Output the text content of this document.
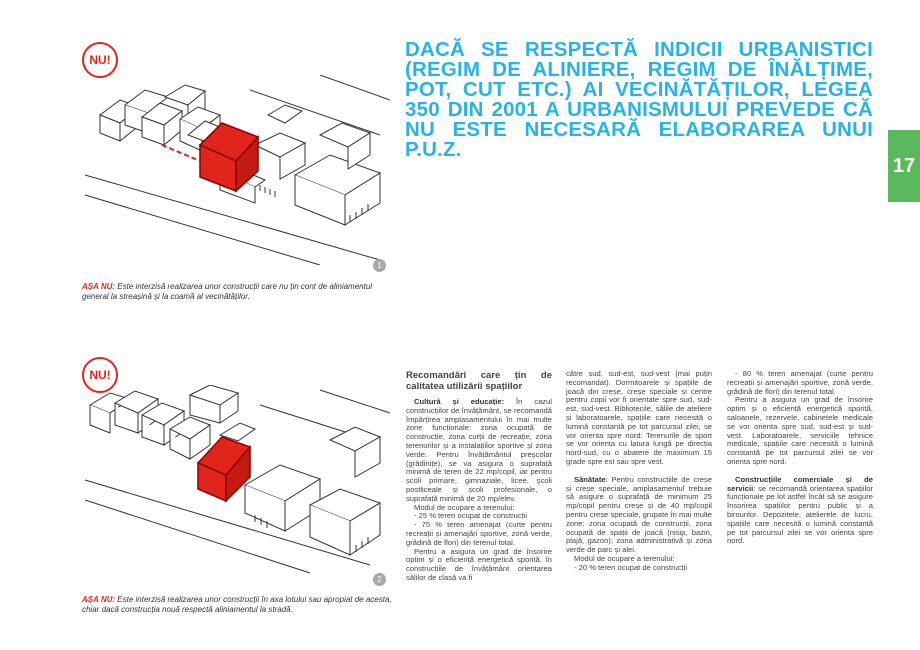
NU!
1
AȘA NU: Este interzisă realizarea unor construcții care nu țin cont de aliniamentul general la streașină și la coamă al vecinătăților.
DACĂ SE RESPECTĂ INDICII URBANISTICI (REGIM DE ALINIERE, REGIM DE ÎNĂLȚIME, POT, CUT ETC.) AI VECINĂTĂȚILOR, LEGEA 350 DIN 2001 A URBANISMULUI PREVEDE CĂ NU ESTE NECESARĂ ELABORAREA UNUI P.U.Z.
17
NU!
2
AȘA NU: Este interzisă realizarea unor construcții în axa lotului sau apropiat de acesta, chiar dacă construcția nouă respectă aliniamentul la stradă.
Recomandări care țin de calitatea utilizării spațiilor

Cultură și educație: În cazul construcțiilor de învățământ, se recomandă împărțirea amplasamentului în mai multe zone funcționale: zona ocupată de construcție, zona curții de recreație, zona terenurilor și a instalațiilor sportive și zona verde. Pentru învățământul preșcolar (grădinițe), se va asigura o suprafață minimă de teren de 22 mp/copil, iar pentru școli primare, gimnaziale, licee, școli postliceale și școli profesionale, o suprafață minimă de 20 mp/elev.

Modul de ocupare a terenului:

- 25 % teren ocupat de construcții

- 75 % teren amenajat (curte pentru recreații și amenajări sportive, zonă verde, grădină de flori) din terenul total.

Pentru a asigura un grad de însorire optim și o eficiență energetică sporită, în construcțiile de învățământ orientarea sălilor de clasă va fi

către sud, sud-est, sud-vest (mai puțin recomandat). Dormitoarele și spațiile de joacă din creșe, creșe speciale și centre pentru copii vor fi orientate spre sud, sud-est, sud-vest. Bibliotecile, sălile de ateliere și laboratoarele, spațiile care necesită o lumină constantă pe tot parcursul zilei, se vor orienta spre nord. Terenurile de sport se vor orienta cu latura lungă pe direcția nord-sud, cu o abatere de maximum 15 grade spre est sau spre vest.

Sănătate: Pentru construcțiile de creșe și creșe speciale, amplasamentul trebuie să asigure o suprafață de minimum 25 mp/copil pentru creșe și de 40 mp/copil pentru creșe speciale, grupate în mai multe zone: zona ocupată de construcții, zona ocupată de spații de joacă (nisip, bazin, plajă, gazon); zona administrativă și zona verde de parc și alei.

Modul de ocupare a terenului:

- 20 % teren ocupat de construcții

- 80 % teren amenajat (curte pentru recreații și amenajări sportive, zonă verde, grădină de flori) din terenul total.

Pentru a asigura un grad de însorire optim și o eficiență energetică sporită, saloanele, rezervele, cabinetele medicale se vor orienta spre sud, sud-est și sud-vest. Laboratoarele, serviciile tehnice medicale, spațiile care necesită o lumină constantă pe tot parcursul zilei se vor orienta spre nord.

Construcțiile comerciale și de servicii: se recomandă orientarea spațiilor funcționale pe lot astfel încât să se asigure însorirea spațiilor pentru public și a birourilor. Depozitele, atelierele de lucru, spațiile care necesită o lumină constantă pe tot parcursul zilei se vor orienta spre nord.
